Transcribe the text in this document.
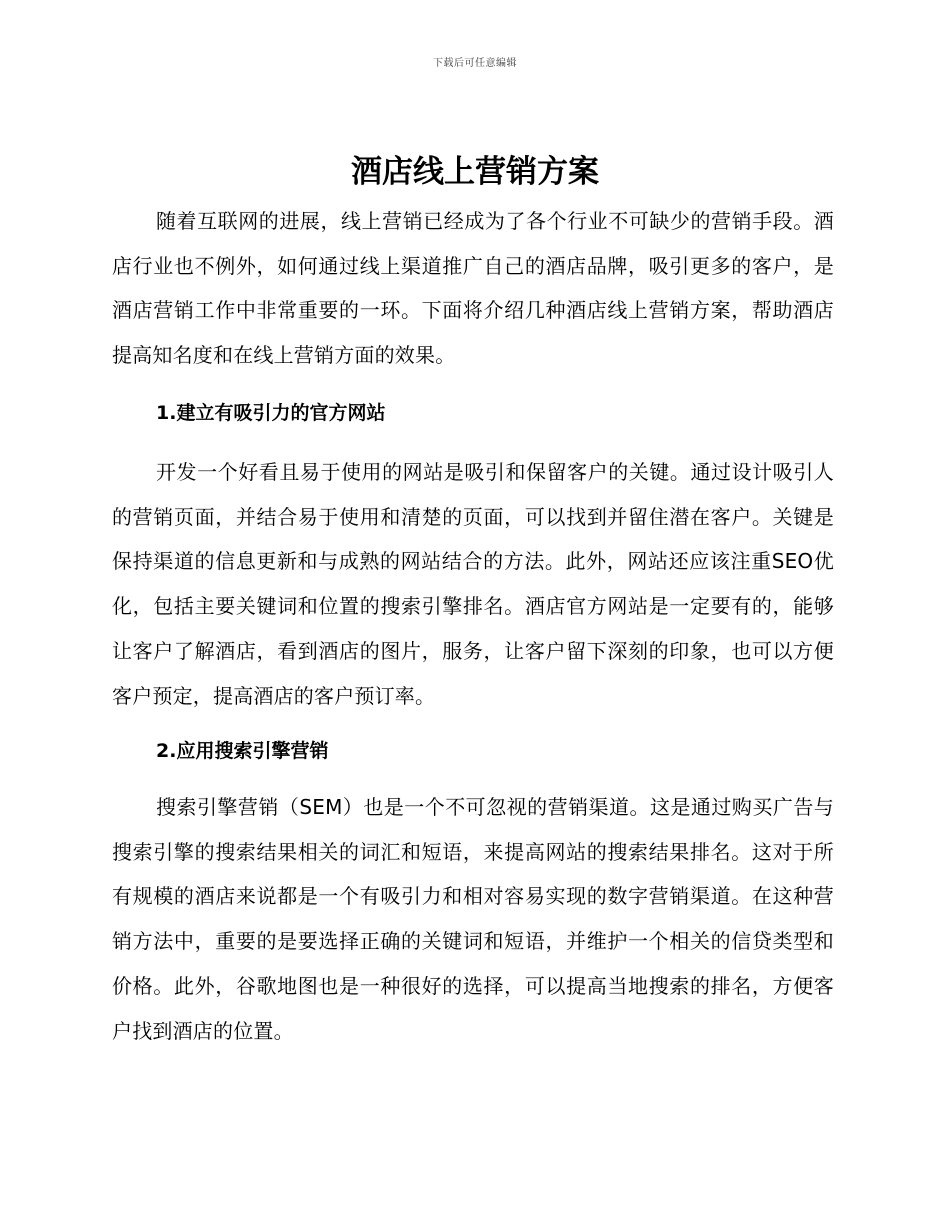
下载后可任意编辑
酒店线上营销方案

随着互联网的进展，线上营销已经成为了各个行业不可缺少的营销手段。酒店行业也不例外，如何通过线上渠道推广自己的酒店品牌，吸引更多的客户，是酒店营销工作中非常重要的一环。下面将介绍几种酒店线上营销方案，帮助酒店提高知名度和在线上营销方面的效果。

1.建立有吸引力的官方网站

开发一个好看且易于使用的网站是吸引和保留客户的关键。通过设计吸引人的营销页面，并结合易于使用和清楚的页面，可以找到并留住潜在客户。关键是保持渠道的信息更新和与成熟的网站结合的方法。此外，网站还应该注重SEO优化，包括主要关键词和位置的搜索引擎排名。酒店官方网站是一定要有的，能够让客户了解酒店，看到酒店的图片，服务，让客户留下深刻的印象，也可以方便客户预定，提高酒店的客户预订率。

2.应用搜索引擎营销

搜索引擎营销（SEM）也是一个不可忽视的营销渠道。这是通过购买广告与搜索引擎的搜索结果相关的词汇和短语，来提高网站的搜索结果排名。这对于所有规模的酒店来说都是一个有吸引力和相对容易实现的数字营销渠道。在这种营销方法中，重要的是要选择正确的关键词和短语，并维护一个相关的信贷类型和价格。此外，谷歌地图也是一种很好的选择，可以提高当地搜索的排名，方便客户找到酒店的位置。
